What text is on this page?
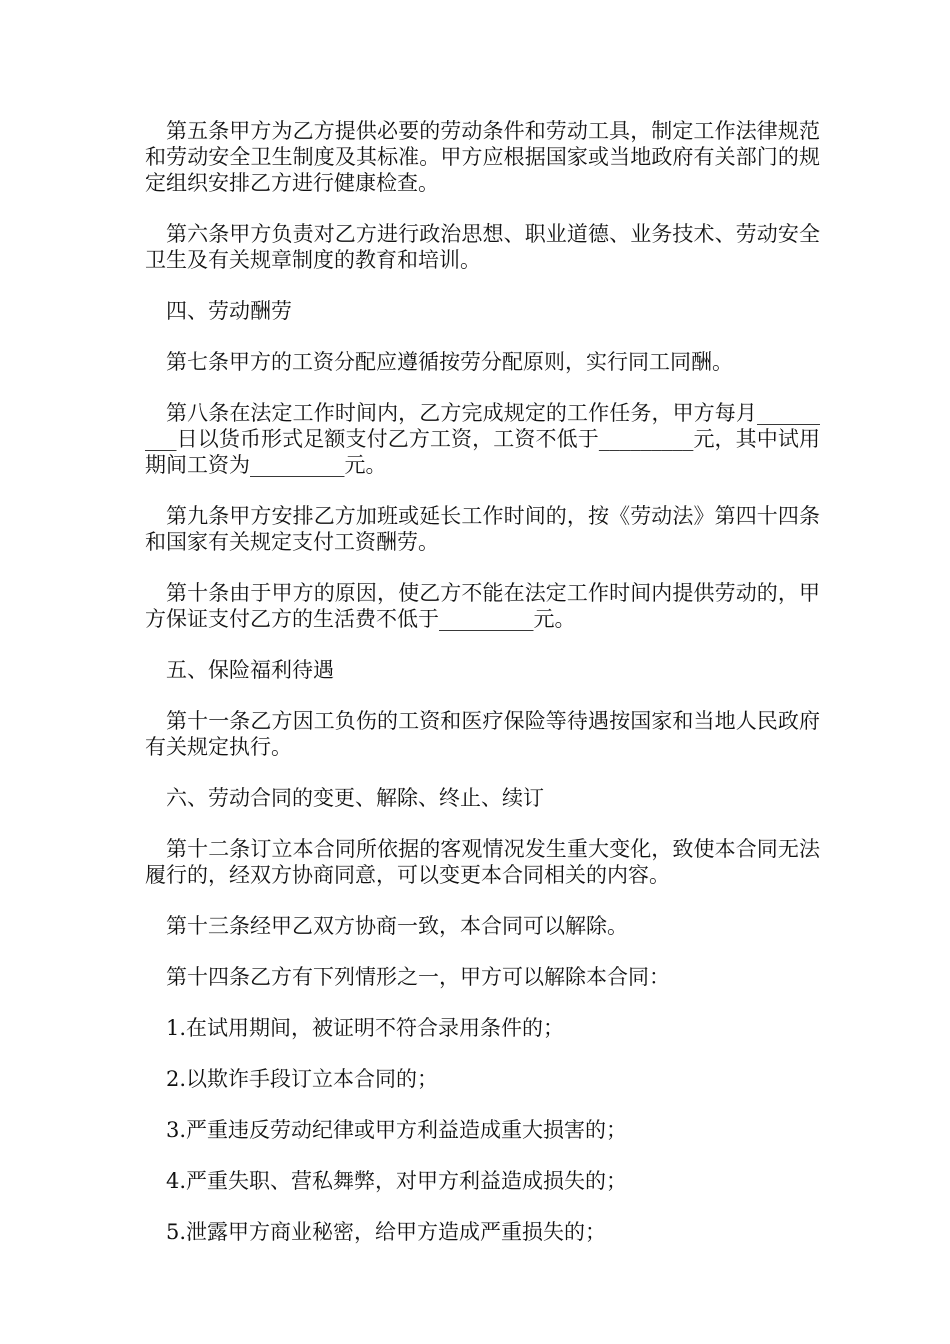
第五条甲方为乙方提供必要的劳动条件和劳动工具，制定工作法律规范和劳动安全卫生制度及其标准。甲方应根据国家或当地政府有关部门的规定组织安排乙方进行健康检查。

第六条甲方负责对乙方进行政治思想、职业道德、业务技术、劳动安全卫生及有关规章制度的教育和培训。

四、劳动酬劳

第七条甲方的工资分配应遵循按劳分配原则，实行同工同酬。

第八条在法定工作时间内，乙方完成规定的工作任务，甲方每月_________日以货币形式足额支付乙方工资，工资不低于_________元，其中试用期间工资为_________元。

第九条甲方安排乙方加班或延长工作时间的，按《劳动法》第四十四条和国家有关规定支付工资酬劳。

第十条由于甲方的原因，使乙方不能在法定工作时间内提供劳动的，甲方保证支付乙方的生活费不低于_________元。

五、保险福利待遇

第十一条乙方因工负伤的工资和医疗保险等待遇按国家和当地人民政府有关规定执行。

六、劳动合同的变更、解除、终止、续订

第十二条订立本合同所依据的客观情况发生重大变化，致使本合同无法履行的，经双方协商同意，可以变更本合同相关的内容。

第十三条经甲乙双方协商一致，本合同可以解除。

第十四条乙方有下列情形之一，甲方可以解除本合同：

1.在试用期间，被证明不符合录用条件的；

2.以欺诈手段订立本合同的；

3.严重违反劳动纪律或甲方利益造成重大损害的；

4.严重失职、营私舞弊，对甲方利益造成损失的；

5.泄露甲方商业秘密，给甲方造成严重损失的；
